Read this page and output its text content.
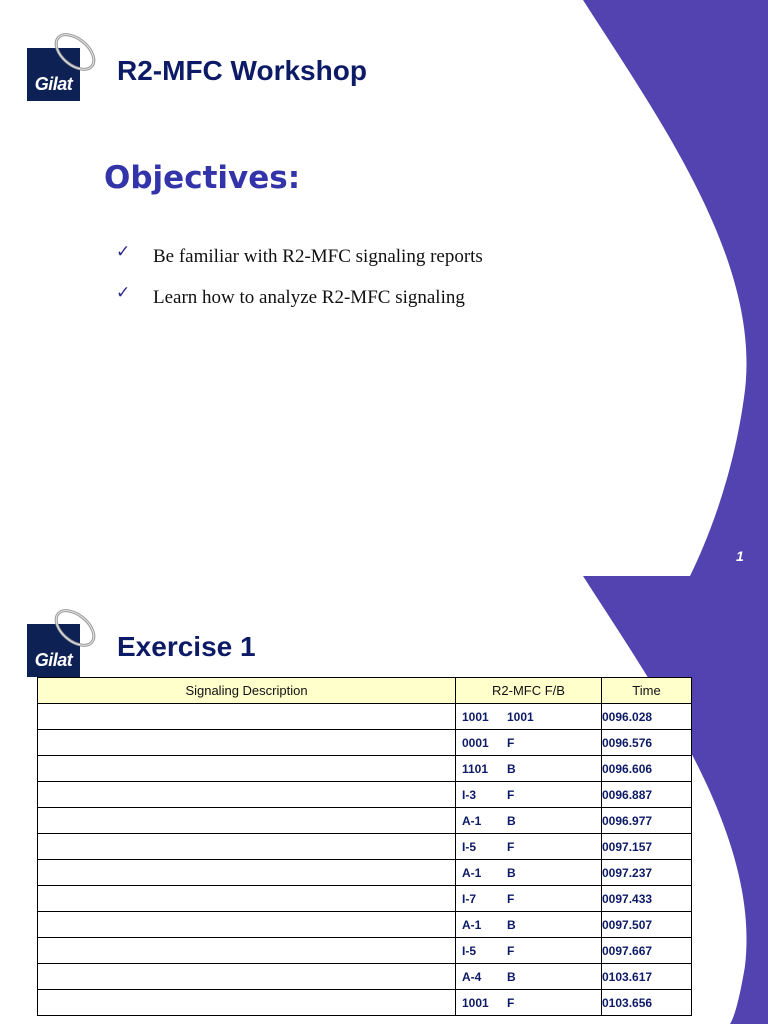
Gilat R2-MFC Workshop
Objectives:
✓ Be familiar with R2-MFC signaling reports
✓ Learn how to analyze R2-MFC signaling
1
Gilat Exercise 1
Signaling Description	R2-MFC F/B	Time
	1001 1001	0096.028
	0001 F	0096.576
	1101 B	0096.606
	I-3 F	0096.887
	A-1 B	0096.977
	I-5 F	0097.157
	A-1 B	0097.237
	I-7 F	0097.433
	A-1 B	0097.507
	I-5 F	0097.667
	A-4 B	0103.617
	1001 F	0103.656
